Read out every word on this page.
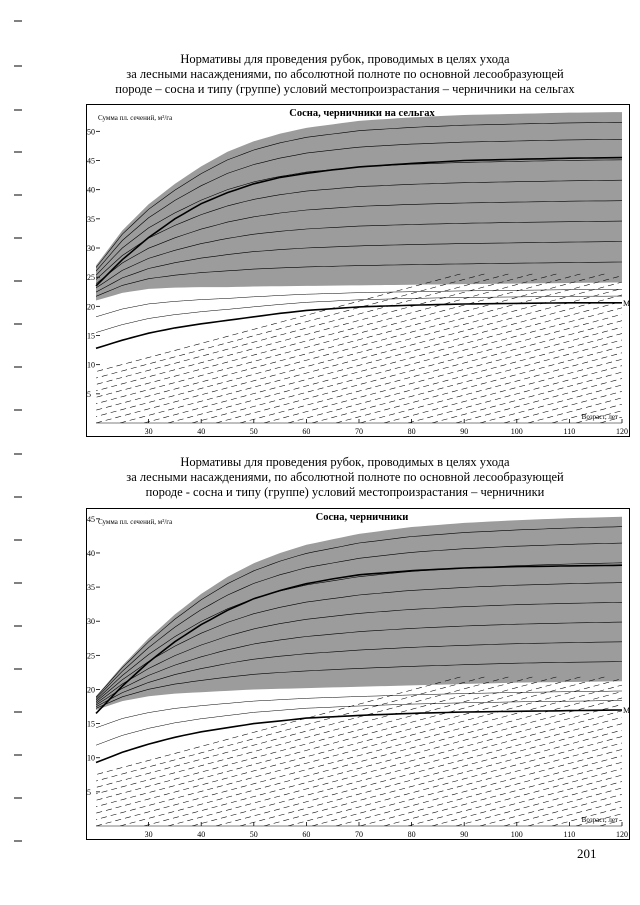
Нормативы для проведения рубок, проводимых в целях ухода
за лесными насаждениями, по абсолютной полноте по основной лесообразующей
породе – сосна и типу (группе) условий местопроизрастания – черничники на сельгах
5
10
15
20
25
30
35
40
45
50
30	40	50	60	70	80	90	100	110	120
Сосна, черничники на сельгах
Сумма пл. сечений, м²/га
Возраст, лет
М
Нормативы для проведения рубок, проводимых в целях ухода
за лесными насаждениями, по абсолютной полноте по основной лесообразующей
породе - сосна и типу (группе) условий местопроизрастания – черничники
5
10
15
20
25
30
35
40
45
30	40	50	60	70	80	90	100	110	120
Сосна, черничники
Сумма пл. сечений, м²/га
Возраст, лет
М
201
